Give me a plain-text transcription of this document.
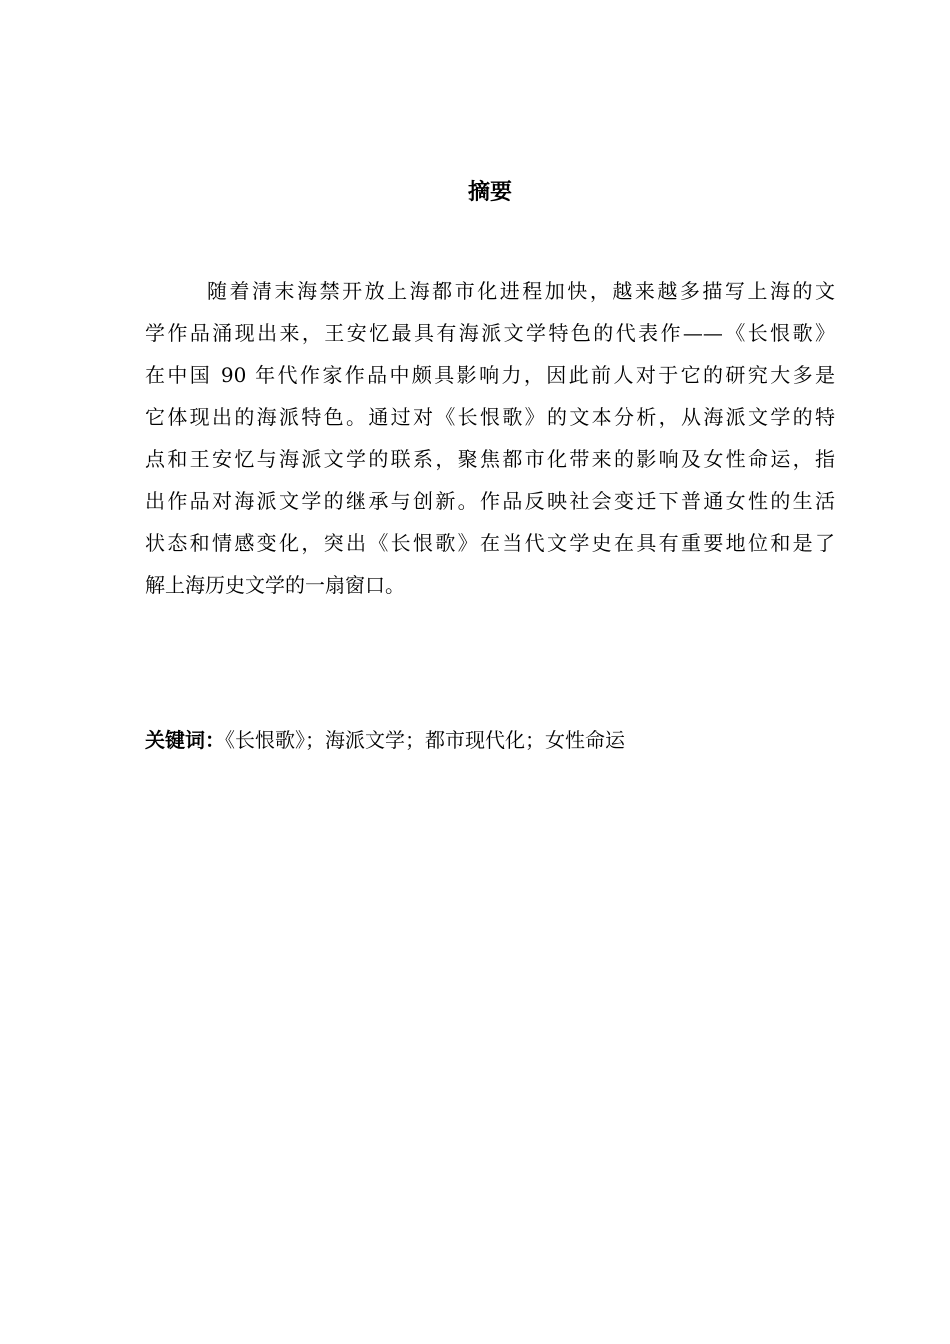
摘要
随着清末海禁开放上海都市化进程加快，越来越多描写上海的文
学作品涌现出来，王安忆最具有海派文学特色的代表作——《长恨歌》
在中国 90 年代作家作品中颇具影响力，因此前人对于它的研究大多是
它体现出的海派特色。通过对《长恨歌》的文本分析，从海派文学的特
点和王安忆与海派文学的联系，聚焦都市化带来的影响及女性命运，指
出作品对海派文学的继承与创新。作品反映社会变迁下普通女性的生活
状态和情感变化，突出《长恨歌》在当代文学史在具有重要地位和是了
解上海历史文学的一扇窗口。
关键词：《长恨歌》；海派文学；都市现代化；女性命运
